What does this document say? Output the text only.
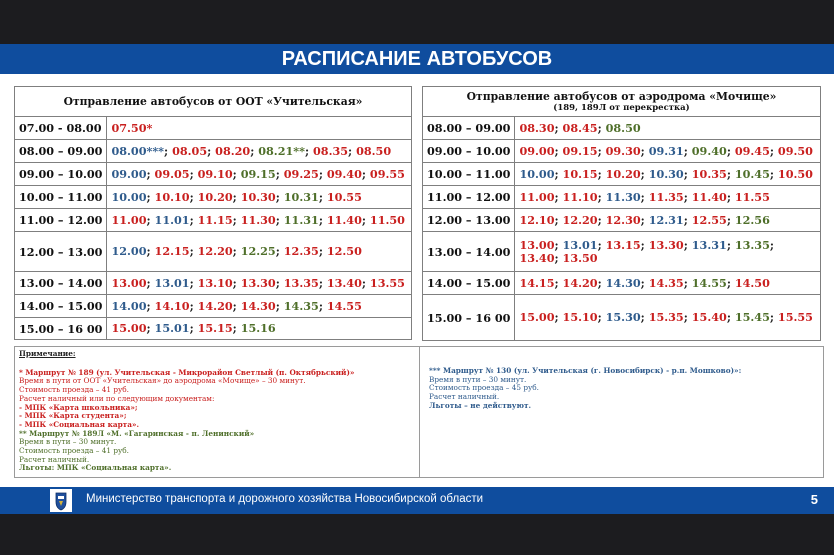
РАСПИСАНИЕ АВТОБУСОВ
Отправление автобусов от ООТ «Учительская»	
07.00 - 08.00	07.50*
08.00 – 09.00	08.00***; 08.05; 08.20; 08.21**; 08.35; 08.50
09.00 – 10.00	09.00; 09.05; 09.10; 09.15; 09.25; 09.40; 09.55
10.00 – 11.00	10.00; 10.10; 10.20; 10.30; 10.31; 10.55
11.00 – 12.00	11.00; 11.01; 11.15; 11.30; 11.31; 11.40; 11.50
12.00 – 13.00	12.00; 12.15; 12.20; 12.25; 12.35; 12.50
13.00 – 14.00	13.00; 13.01; 13.10; 13.30; 13.35; 13.40; 13.55
14.00 – 15.00	14.00; 14.10; 14.20; 14.30; 14.35; 14.55
15.00 – 16 00	15.00; 15.01; 15.15; 15.16
Отправление автобусов от аэродрома «Мочище»
(189, 189Л от перекрестка)	

08.00 – 09.00	08.30; 08.45; 08.50
09.00 – 10.00	09.00; 09.15; 09.30; 09.31; 09.40; 09.45; 09.50
10.00 – 11.00	10.00; 10.15; 10.20; 10.30; 10.35; 10.45; 10.50
11.00 – 12.00	11.00; 11.10; 11.30; 11.35; 11.40; 11.55
12.00 – 13.00	12.10; 12.20; 12.30; 12.31; 12.55; 12.56
13.00 – 14.00	13.00; 13.01; 13.15; 13.30; 13.31; 13.35; 13.40; 13.50
14.00 – 15.00	14.15; 14.20; 14.30; 14.35; 14.55; 14.50
15.00 – 16 00	15.00; 15.10; 15.30; 15.35; 15.40; 15.45; 15.55
Примечание:
* Маршрут № 189 (ул. Учительская - Микрорайон Светлый (п. Октябрьский)»
Время в пути от ООТ «Учительская» до аэродрома «Мочище» – 30 минут.
Стоимость проезда – 41 руб.
Расчет наличный или по следующим документам:
- МПК «Карта школьника»;
- МПК «Карта студента»;
- МПК «Социальная карта».
** Маршрут № 189Л «М. «Гагаринская - п. Ленинский»
Время в пути – 30 минут.
Стоимость проезда – 41 руб.
Расчет наличный.
Льготы: МПК «Социальная карта».
*** Маршрут № 130 (ул. Учительская (г. Новосибирск) - р.п. Мошково)»:
Время в пути – 30 минут.
Стоимость проезда – 45 руб.
Расчет наличный.
Льготы – не действуют.
Министерство транспорта и дорожного хозяйства Новосибирской области	5
